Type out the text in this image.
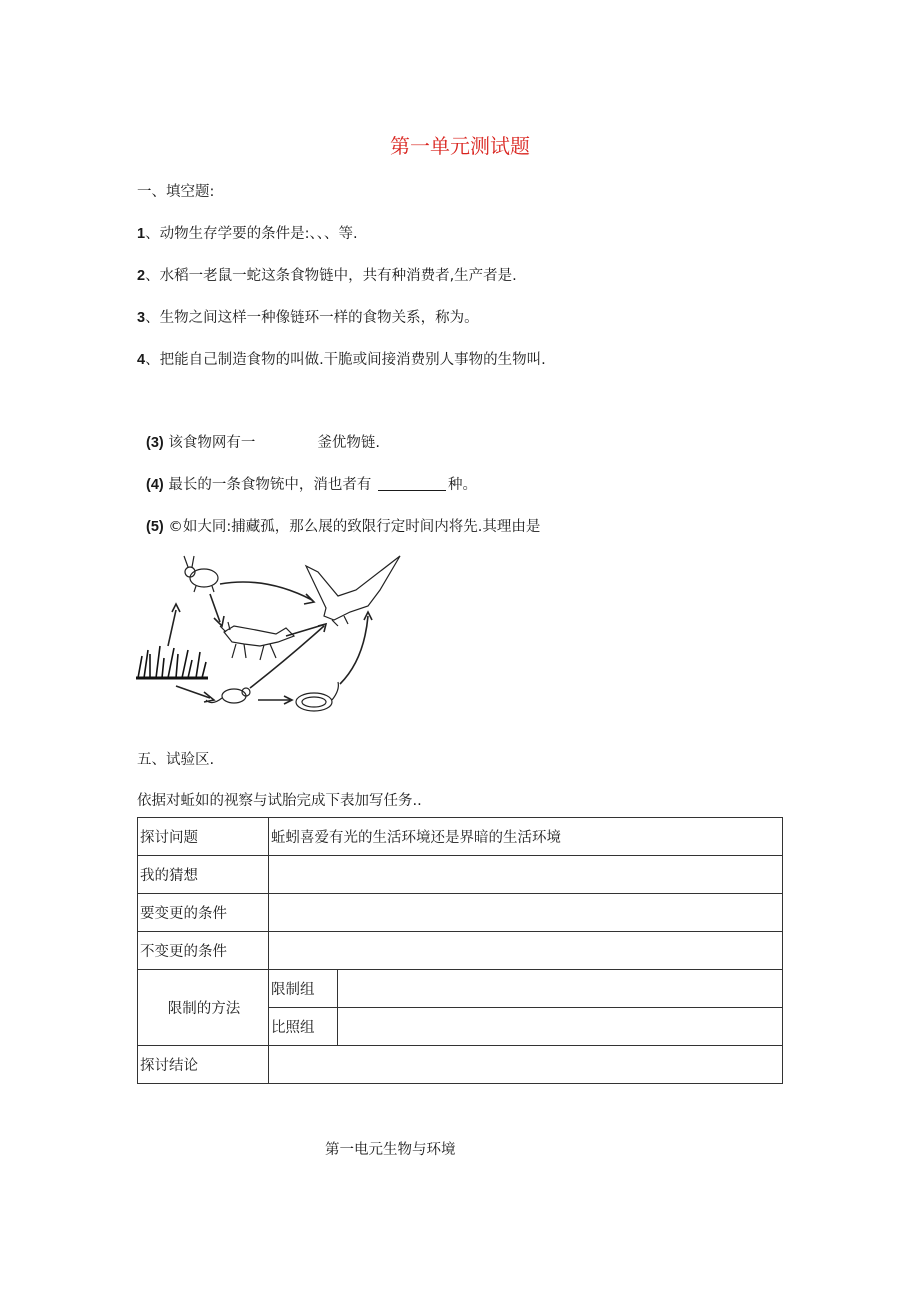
第一单元测试题
一、填空题:
1、动物生存学要的条件是:、、、等.
2、水稻一老鼠一蛇这条食物链中，共有种消费者,生产者是.
3、生物之间这样一种像链环一样的食物关系，称为。
4、把能自己制造食物的叫做.干脆或间接消费别人事物的生物叫.
(3) 该食物网有一	釜优物链.
(4) 最长的一条食物铳中，消也者有	种。
(5) ©如大同:捕藏孤，那么展的致限行定时间内将先.其理由是
五、试验区.
依据对蚯如的视察与试胎完成下表加写任务..
探讨问题	蚯蚓喜爱有光的生活环境还是界暗的生活环境	
我的猜想		
要变更的条件		
不变更的条件		
限制的方法	限制组	
	比照组	
探讨结论		
第一电元生物与环境
